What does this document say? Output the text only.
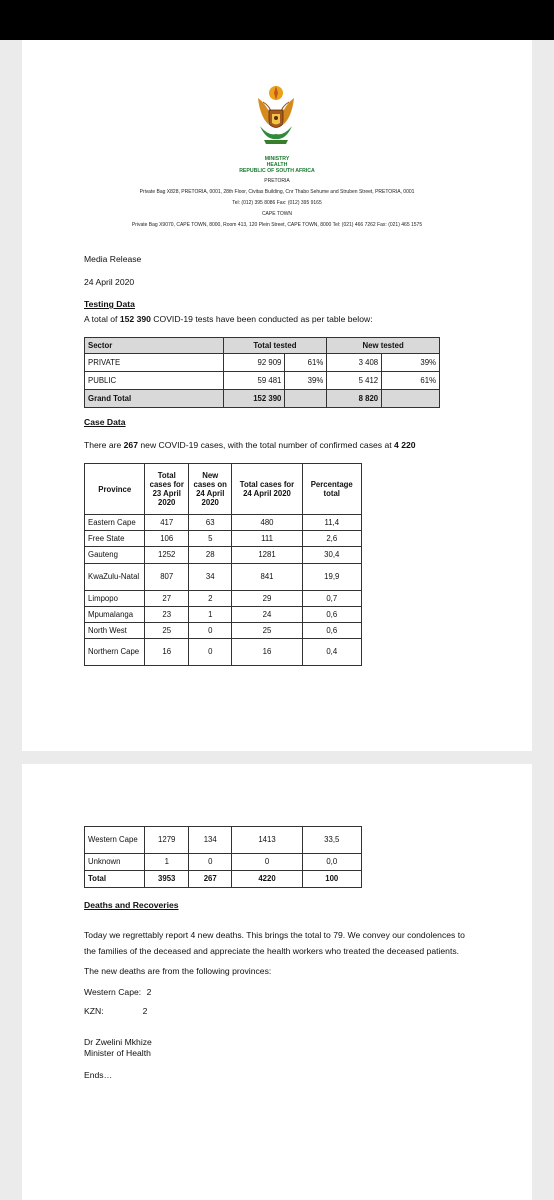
MINISTRY
HEALTH
REPUBLIC OF SOUTH AFRICA
PRETORIA
Private Bag X828, PRETORIA, 0001, 28th Floor, Civitas Building, Cnr Thabo Sehume and Struben Street, PRETORIA, 0001
Tel: (012) 395 8086 Fax: (012) 395 9165
CAPE TOWN
Private Bag X9070, CAPE TOWN, 8000, Room 413, 120 Plein Street, CAPE TOWN, 8000 Tel: (021) 466 7262 Fax: (021) 465 1575
Media Release
24 April 2020
Testing Data
A total of 152 390 COVID-19 tests have been conducted as per table below:
Sector	Total tested		New tested	
PRIVATE	92 909	61%	3 408	39%
PUBLIC	59 481	39%	5 412	61%
Grand Total	152 390		8 820	
Case Data
There are 267 new COVID-19 cases, with the total number of confirmed cases at 4 220
Province	Total cases for 23 April 2020	New cases on 24 April 2020	Total cases for 24 April 2020	Percentage total
Eastern Cape	417	63	480	11,4
Free State	106	5	111	2,6
Gauteng	1252	28	1281	30,4
KwaZulu-Natal	807	34	841	19,9
Limpopo	27	2	29	0,7
Mpumalanga	23	1	24	0,6
North West	25	0	25	0,6
Northern Cape	16	0	16	0,4
Western Cape	1279	134	1413	33,5
Unknown	1	0	0	0,0
Total	3953	267	4220	100
Deaths and Recoveries
Today we regrettably report 4 new deaths. This brings the total to 79. We convey our condolences to the families of the deceased and appreciate the health workers who treated the deceased patients.
The new deaths are from the following provinces:
Western Cape: 2
KZN:	2
Dr Zwelini Mkhize
Minister of Health
Ends…
